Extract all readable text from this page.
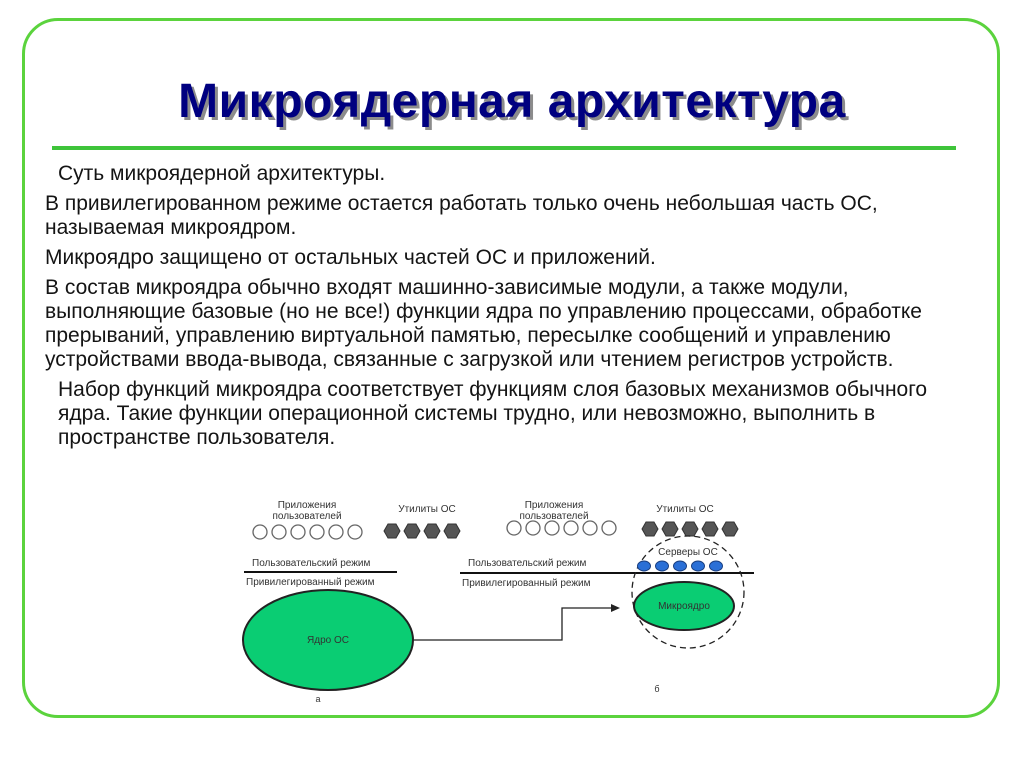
Микроядерная архитектура

Суть микроядерной архитектуры.

В привилегированном режиме остается работать только очень небольшая часть ОС, называемая микроядром.

Микроядро защищено от остальных частей ОС и приложений.

В состав микроядра обычно входят машинно-зависимые модули, а также модули, выполняющие базовые (но не все!) функции ядра по управлению процессами, обработке прерываний, управлению виртуальной памятью, пересылке сообщений и управлению устройствами ввода-вывода, связанные с загрузкой или чтением регистров устройств.

Набор функций микроядра соответствует функциям слоя базовых механизмов обычного ядра. Такие функции операционной системы трудно, или невозможно, выполнить в пространстве пользователя.

Приложения
пользователей
Утилиты ОС
Пользовательский режим
Привилегированный режим
Ядро ОС
а
Приложения
пользователей
Утилиты ОС
Пользовательский режим
Привилегированный режим
Серверы ОС
Микроядро
б
